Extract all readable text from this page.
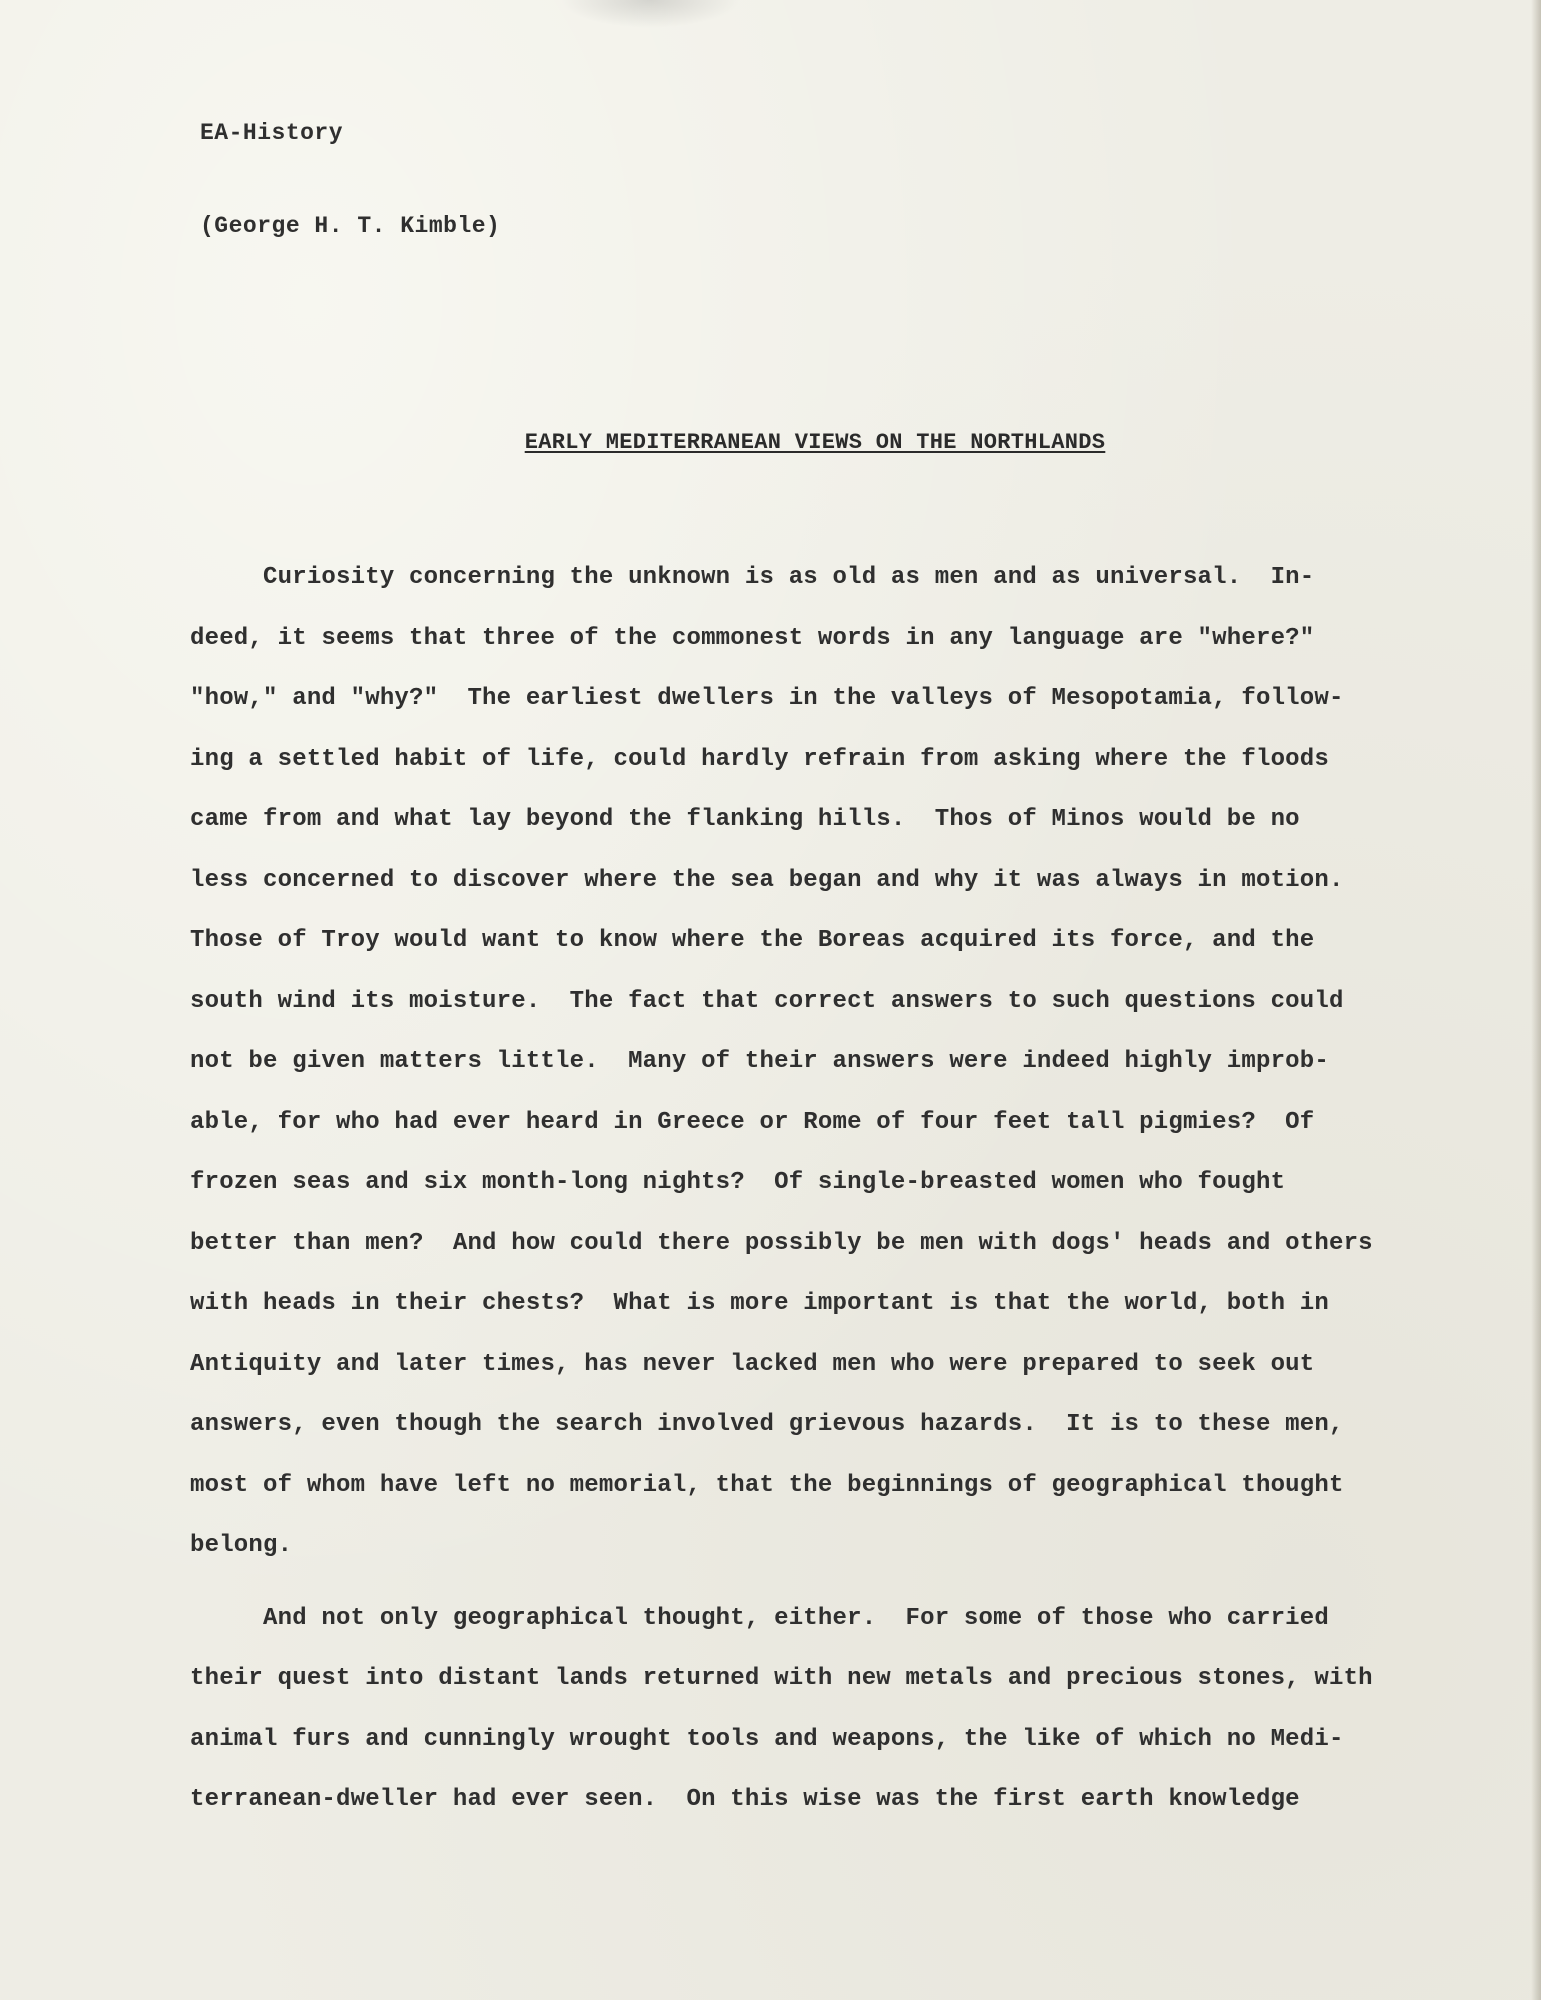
EA-History

(George H. T. Kimble)

EARLY MEDITERRANEAN VIEWS ON THE NORTHLANDS
Curiosity concerning the unknown is as old as men and as universal.  In-
deed, it seems that three of the commonest words in any language are "where?"
"how," and "why?"  The earliest dwellers in the valleys of Mesopotamia, follow-
ing a settled habit of life, could hardly refrain from asking where the floods
came from and what lay beyond the flanking hills.  Thos of Minos would be no
less concerned to discover where the sea began and why it was always in motion.
Those of Troy would want to know where the Boreas acquired its force, and the
south wind its moisture.  The fact that correct answers to such questions could
not be given matters little.  Many of their answers were indeed highly improb-
able, for who had ever heard in Greece or Rome of four feet tall pigmies?  Of
frozen seas and six month-long nights?  Of single-breasted women who fought
better than men?  And how could there possibly be men with dogs' heads and others
with heads in their chests?  What is more important is that the world, both in
Antiquity and later times, has never lacked men who were prepared to seek out
answers, even though the search involved grievous hazards.  It is to these men,
most of whom have left no memorial, that the beginnings of geographical thought
belong.
And not only geographical thought, either.  For some of those who carried
their quest into distant lands returned with new metals and precious stones, with
animal furs and cunningly wrought tools and weapons, the like of which no Medi-
terranean-dweller had ever seen.  On this wise was the first earth knowledge
